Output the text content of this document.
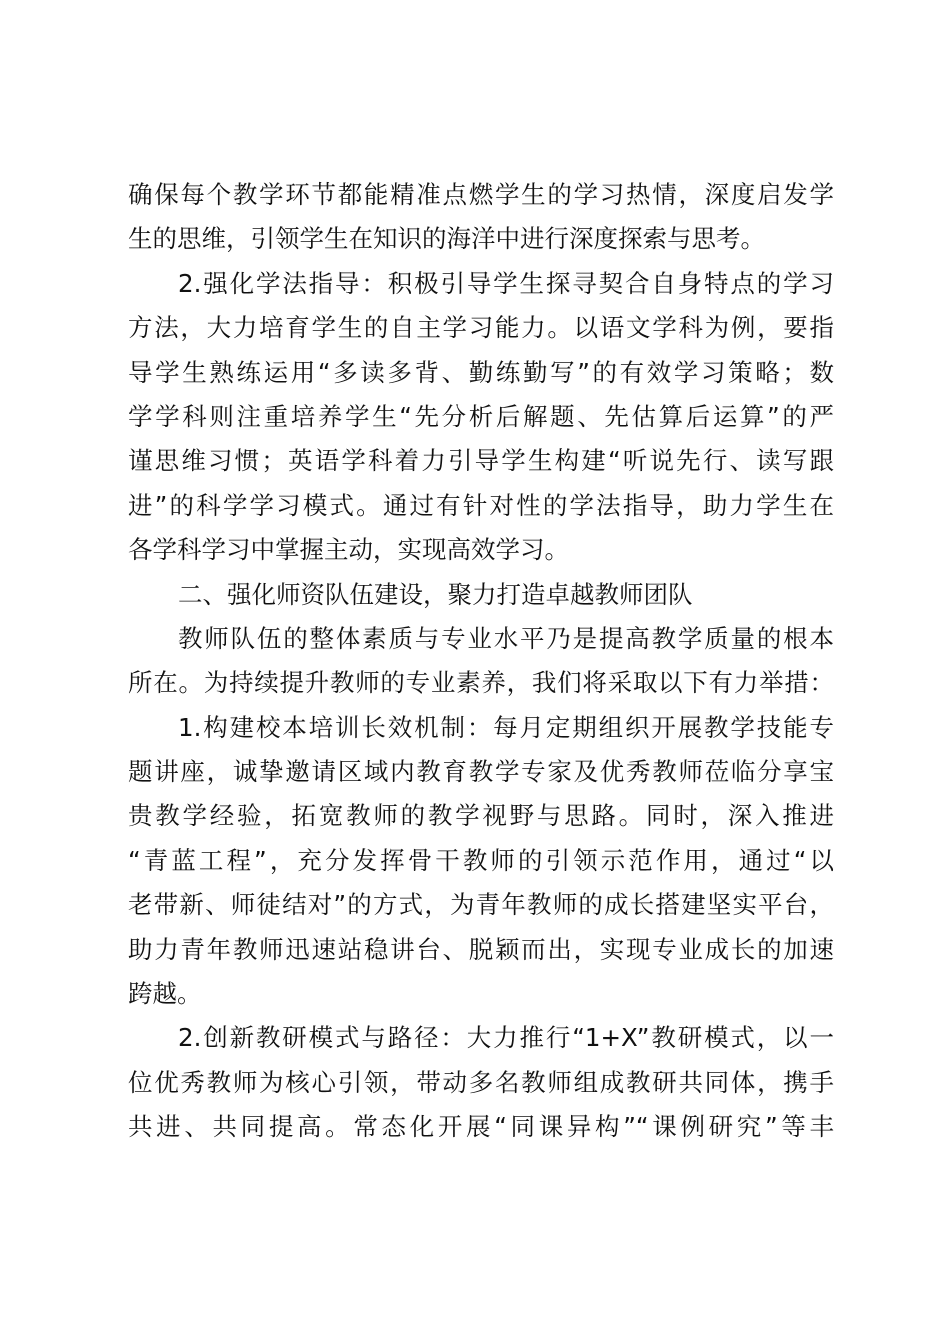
确保每个教学环节都能精准点燃学生的学习热情，深度启发学
生的思维，引领学生在知识的海洋中进行深度探索与思考。
2.强化学法指导：积极引导学生探寻契合自身特点的学习
方法，大力培育学生的自主学习能力。以语文学科为例，要指
导学生熟练运用“多读多背、勤练勤写”的有效学习策略；数
学学科则注重培养学生“先分析后解题、先估算后运算”的严
谨思维习惯；英语学科着力引导学生构建“听说先行、读写跟
进”的科学学习模式。通过有针对性的学法指导，助力学生在
各学科学习中掌握主动，实现高效学习。
二、强化师资队伍建设，聚力打造卓越教师团队
教师队伍的整体素质与专业水平乃是提高教学质量的根本
所在。为持续提升教师的专业素养，我们将采取以下有力举措：
1.构建校本培训长效机制：每月定期组织开展教学技能专
题讲座，诚挚邀请区域内教育教学专家及优秀教师莅临分享宝
贵教学经验，拓宽教师的教学视野与思路。同时，深入推进
“青蓝工程”，充分发挥骨干教师的引领示范作用，通过“以
老带新、师徒结对”的方式，为青年教师的成长搭建坚实平台，
助力青年教师迅速站稳讲台、脱颖而出，实现专业成长的加速
跨越。
2.创新教研模式与路径：大力推行“1+X”教研模式，以一
位优秀教师为核心引领，带动多名教师组成教研共同体，携手
共进、共同提高。常态化开展“同课异构”“课例研究”等丰
